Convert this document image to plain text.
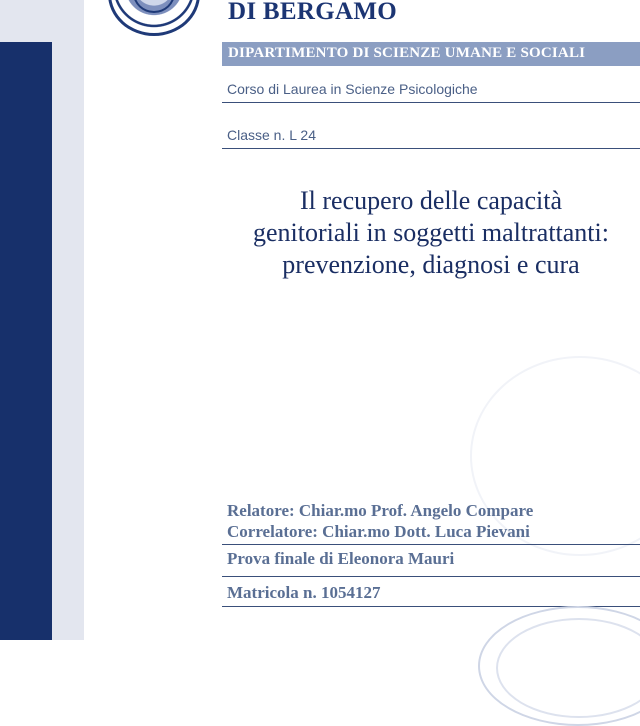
DI BERGAMO
DIPARTIMENTO DI SCIENZE UMANE E SOCIALI
Corso di Laurea in Scienze Psicologiche
Classe n. L 24
Il recupero delle capacità
genitoriali in soggetti maltrattanti:
prevenzione, diagnosi e cura
Relatore: Chiar.mo Prof. Angelo Compare
Correlatore: Chiar.mo Dott. Luca Pievani
Prova finale di Eleonora Mauri
Matricola n. 1054127
